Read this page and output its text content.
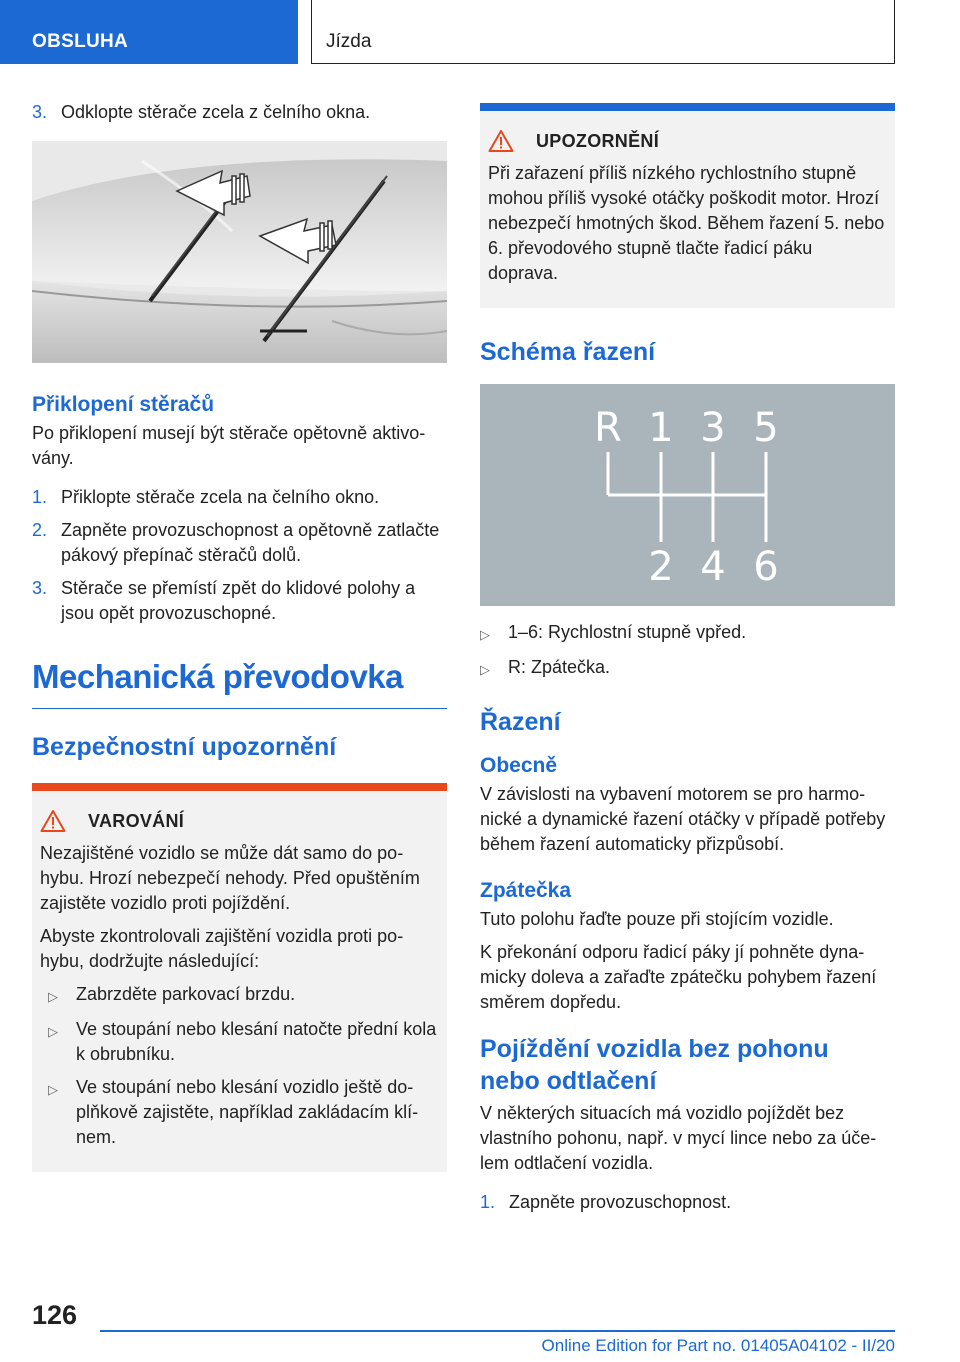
OBSLUHA	Jízda
3. Odklopte stěrače zcela z čelního okna.
Přiklopení stěračů

Po přiklopení musejí být stěrače opětovně aktivovány.

1. Přiklopte stěrače zcela na čelního okno.
2. Zapněte provozuschopnost a opětovně zatlačte pákový přepínač stěračů dolů.
3. Stěrače se přemístí zpět do klidové polohy a jsou opět provozuschopné.
Mechanická převodovka
Bezpečnostní upozornění
VAROVÁNÍ

Nezajištěné vozidlo se může dát samo do pohybu. Hrozí nebezpečí nehody. Před opuštěním zajistěte vozidlo proti pojíždění.

Abyste zkontrolovali zajištění vozidla proti pohybu, dodržujte následující:

▷	Zabrzděte parkovací brzdu.
▷	Ve stoupání nebo klesání natočte přední kola k obrubníku.
▷	Ve stoupání nebo klesání vozidlo ještě doplňkově zajistěte, například zakládacím klínem.
UPOZORNĚNÍ

Při zařazení příliš nízkého rychlostního stupně mohou příliš vysoké otáčky poškodit motor. Hrozí nebezpečí hmotných škod. Během řazení 5. nebo 6. převodového stupně tlačte řadicí páku doprava.

Schéma řazení
R 1 3 5
2 4 6
▷	1–6: Rychlostní stupně vpřed.
▷	R: Zpátečka.
Řazení
Obecně

V závislosti na vybavení motorem se pro harmonické a dynamické řazení otáčky v případě potřeby během řazení automaticky přizpůsobí.

Zpátečka

Tuto polohu řaďte pouze při stojícím vozidle.

K překonání odporu řadicí páky jí pohněte dynamicky doleva a zařaďte zpátečku pohybem řazení směrem dopředu.

Pojíždění vozidla bez pohonu nebo odtlačení

V některých situacích má vozidlo pojíždět bez vlastního pohonu, např. v mycí lince nebo za účelem odtlačení vozidla.

1. Zapněte provozuschopnost.
126
Online Edition for Part no. 01405A04102 - II/20
